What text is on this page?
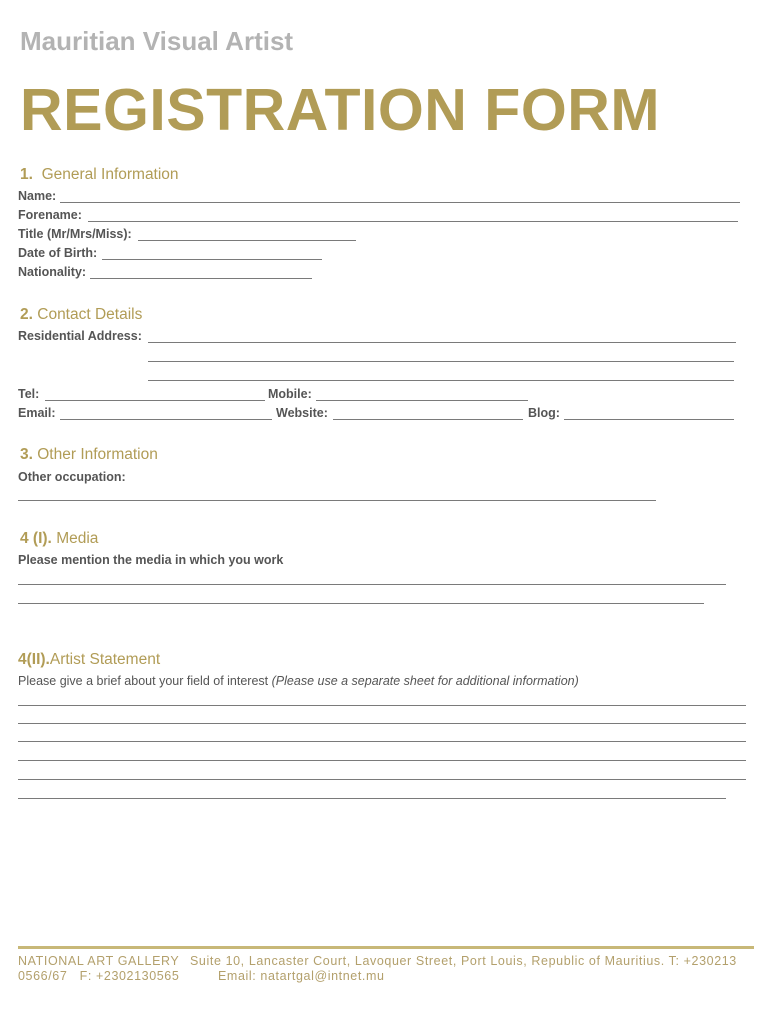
Mauritian Visual Artist
REGISTRATION FORM
1. General Information
Name:
Forename:
Title (Mr/Mrs/Miss):
Date of Birth:
Nationality:
2. Contact Details
Residential Address:
Tel:	Mobile:
Email:	Website:	Blog:
3. Other Information
Other occupation:
4 (I). Media
Please mention the media in which you work
4(II).Artist Statement
Please give a brief about your field of interest (Please use a separate sheet for additional information)
NATIONAL ART GALLERY Suite 10, Lancaster Court, Lavoquer Street, Port Louis, Republic of Mauritius. T: +230213
0566/67 F: +2302130565	Email: natartgal@intnet.mu
